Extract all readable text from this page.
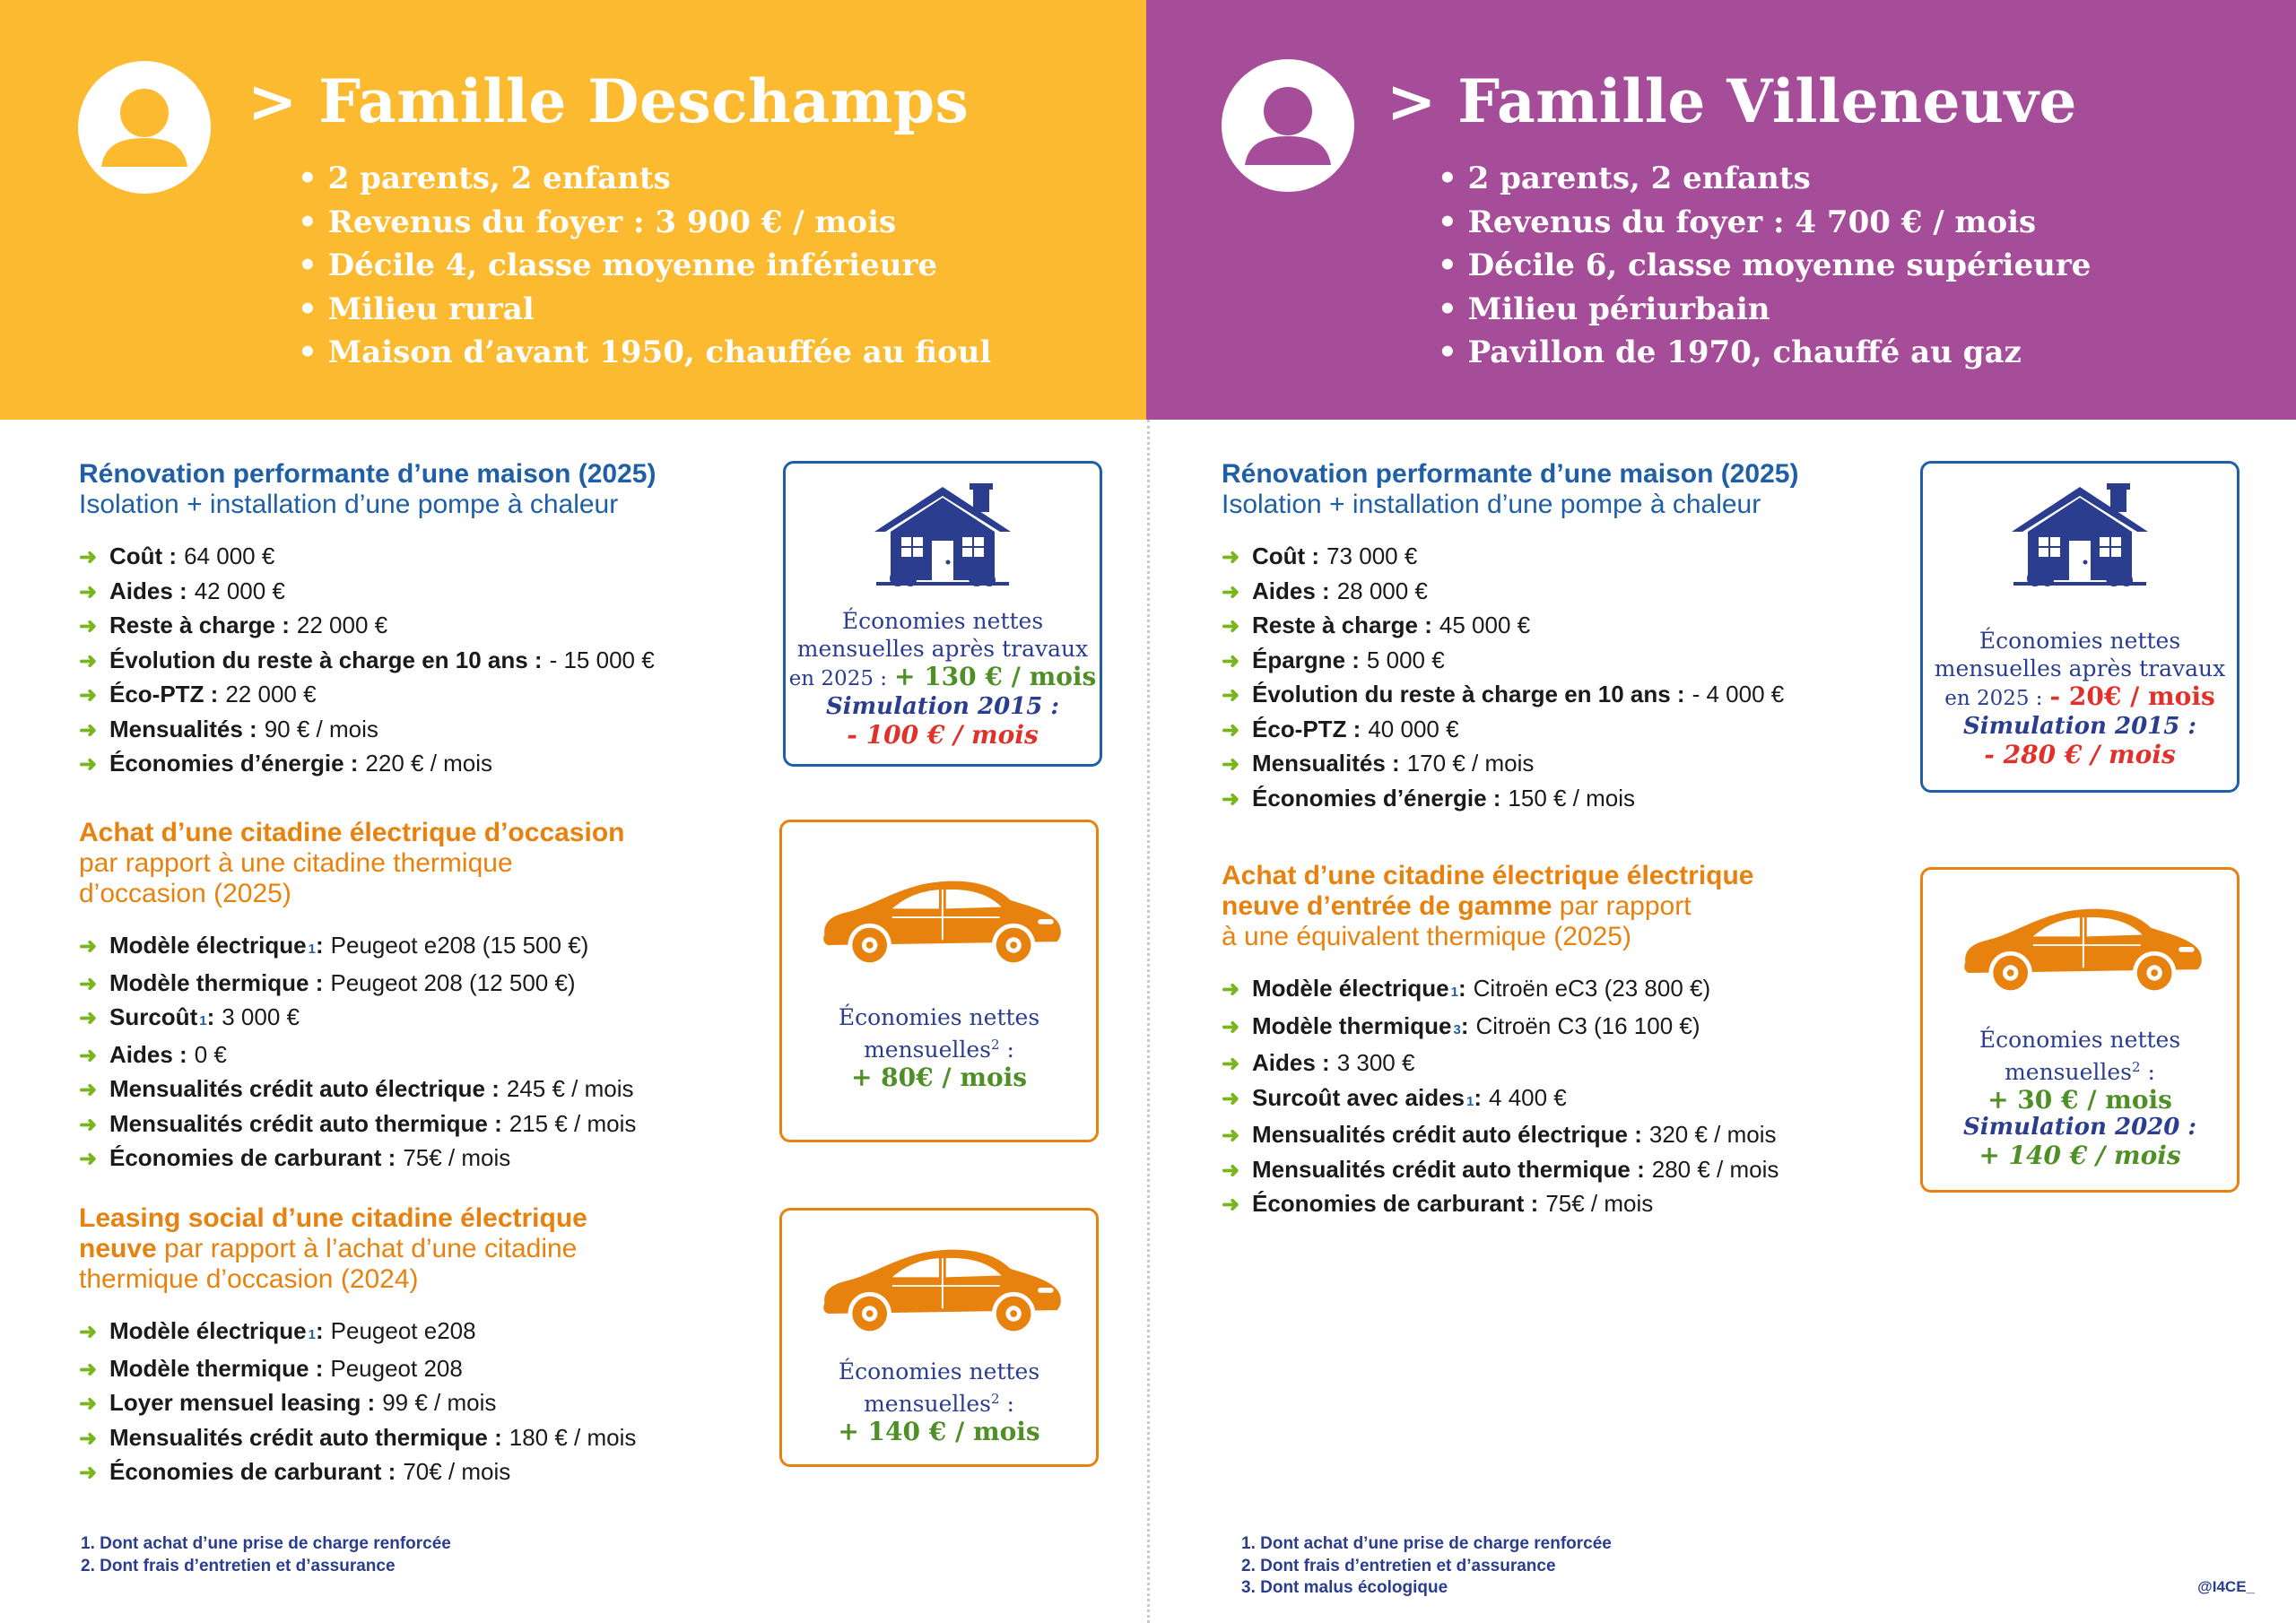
> Famille Deschamps
• 2 parents, 2 enfants
• Revenus du foyer : 3 900 € / mois
• Décile 4, classe moyenne inférieure
• Milieu rural
• Maison d’avant 1950, chauffée au fioul
> Famille Villeneuve
• 2 parents, 2 enfants
• Revenus du foyer : 4 700 € / mois
• Décile 6, classe moyenne supérieure
• Milieu périurbain
• Pavillon de 1970, chauffé au gaz
Rénovation performante d’une maison (2025)
Isolation + installation d’une pompe à chaleur
➜ Coût : 64 000 €
➜ Aides : 42 000 €
➜ Reste à charge : 22 000 €
➜ Évolution du reste à charge en 10 ans : - 15 000 €
➜ Éco-PTZ : 22 000 €
➜ Mensualités : 90 € / mois
➜ Économies d’énergie : 220 € / mois
Économies nettes
mensuelles après travaux
en 2025 : + 130 € / mois
Simulation 2015 :
- 100 € / mois
Achat d’une citadine électrique d’occasion
par rapport à une citadine thermique
d’occasion (2025)
➜ Modèle électrique 1 : Peugeot e208 (15 500 €)
➜ Modèle thermique : Peugeot 208 (12 500 €)
➜ Surcoût 1 : 3 000 €
➜ Aides : 0 €
➜ Mensualités crédit auto électrique : 245 € / mois
➜ Mensualités crédit auto thermique : 215 € / mois
➜ Économies de carburant : 75€ / mois
Économies nettes
mensuelles$^2$ :
+ 80€ / mois
Leasing social d’une citadine électrique
neuve par rapport à l’achat d’une citadine
thermique d’occasion (2024)
➜ Modèle électrique 1 : Peugeot e208
➜ Modèle thermique : Peugeot 208
➜ Loyer mensuel leasing : 99 € / mois
➜ Mensualités crédit auto thermique : 180 € / mois
➜ Économies de carburant : 70€ / mois
Économies nettes
mensuelles$^2$ :
+ 140 € / mois
1. Dont achat d’une prise de charge renforcée
2. Dont frais d’entretien et d’assurance
Rénovation performante d’une maison (2025)
Isolation + installation d’une pompe à chaleur
➜ Coût : 73 000 €
➜ Aides : 28 000 €
➜ Reste à charge : 45 000 €
➜ Épargne : 5 000 €
➜ Évolution du reste à charge en 10 ans : - 4 000 €
➜ Éco-PTZ : 40 000 €
➜ Mensualités : 170 € / mois
➜ Économies d’énergie : 150 € / mois
Économies nettes
mensuelles après travaux
en 2025 : - 20€ / mois
Simulation 2015 :
- 280 € / mois
Achat d’une citadine électrique électrique
neuve d’entrée de gamme par rapport
à une équivalent thermique (2025)
➜ Modèle électrique 1 : Citroën eC3 (23 800 €)
➜ Modèle thermique 3 : Citroën C3 (16 100 €)
➜ Aides : 3 300 €
➜ Surcoût avec aides 1 : 4 400 €
➜ Mensualités crédit auto électrique : 320 € / mois
➜ Mensualités crédit auto thermique : 280 € / mois
➜ Économies de carburant : 75€ / mois
Économies nettes
mensuelles$^2$ :
+ 30 € / mois
Simulation 2020 :
+ 140 € / mois
1. Dont achat d’une prise de charge renforcée
2. Dont frais d’entretien et d’assurance
3. Dont malus écologique	@I4CE_
